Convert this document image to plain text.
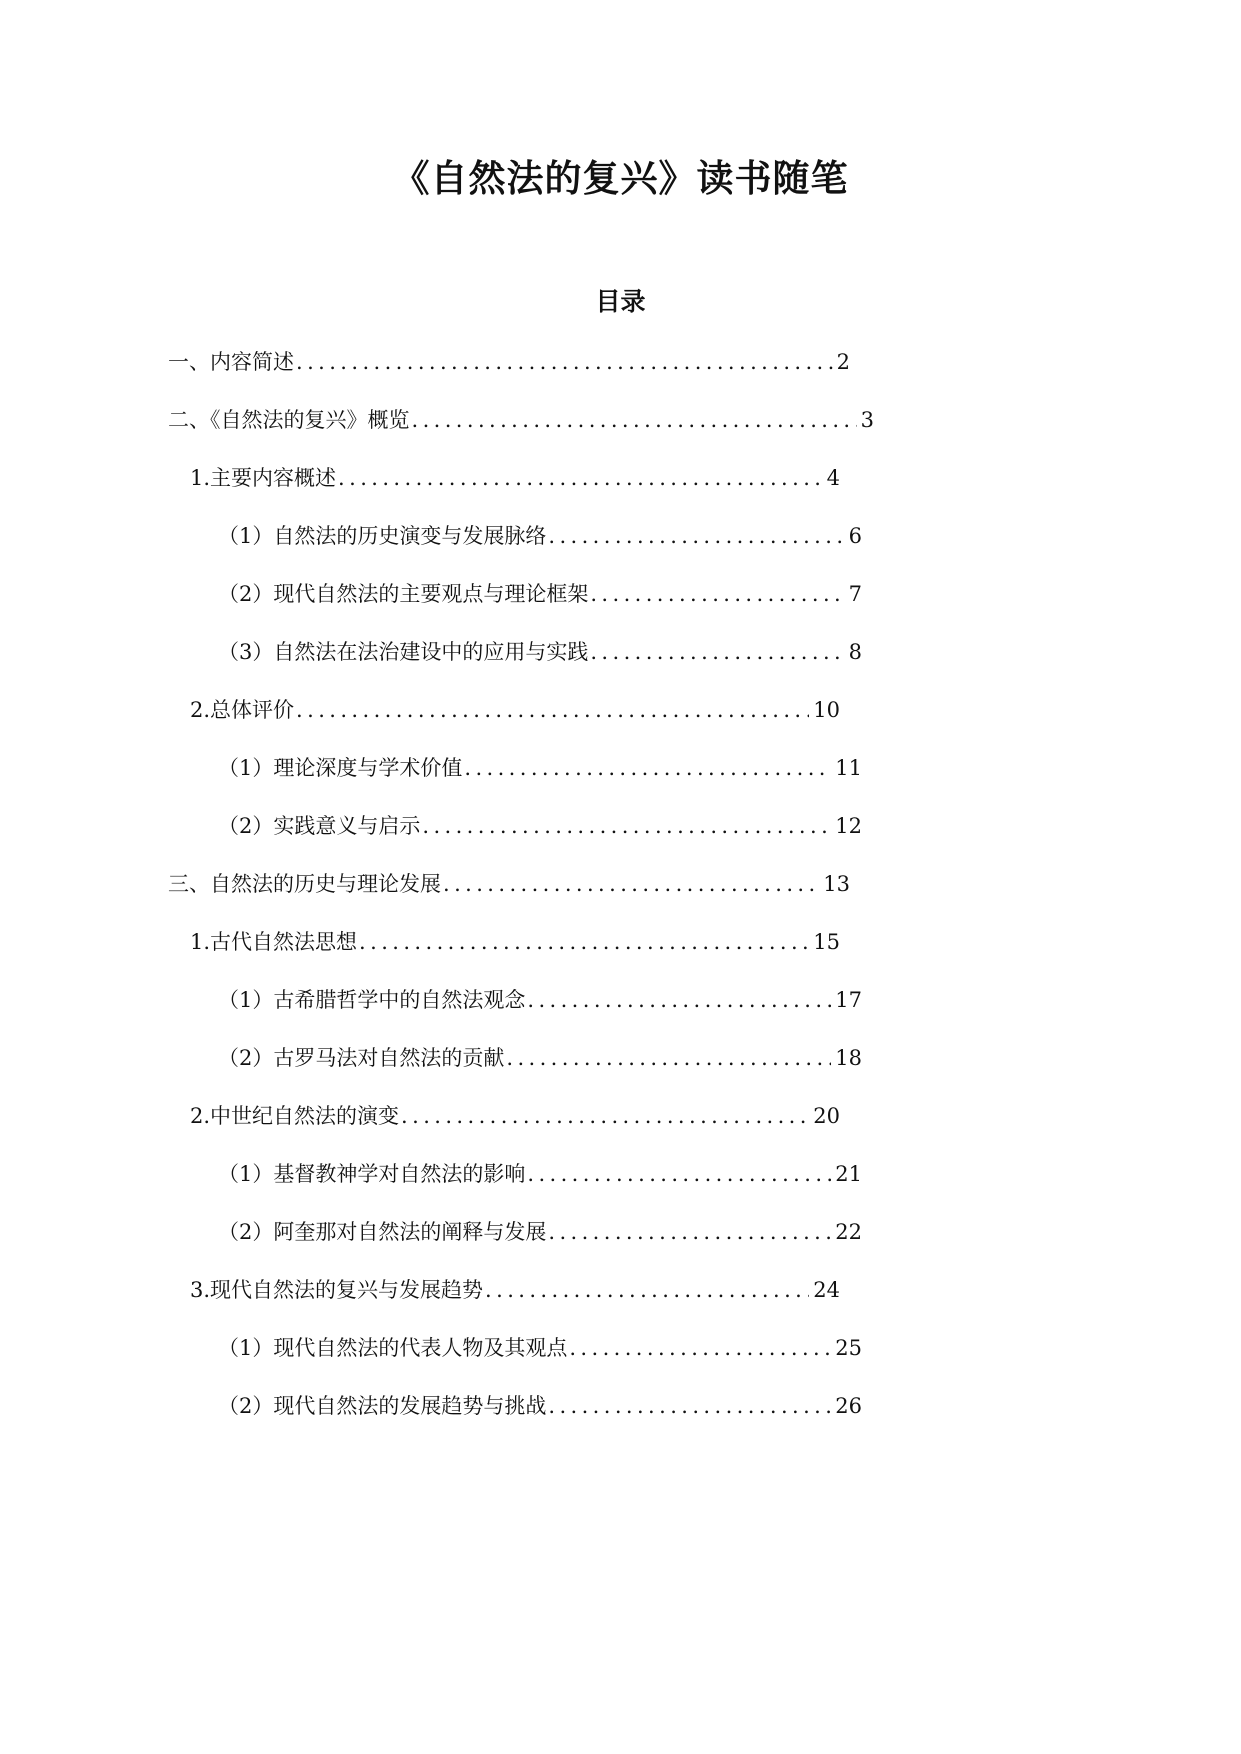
《自然法的复兴》读书随笔
目录
一、内容简述 .....	2
二、《自然法的复兴》概览 .....	3
1. 主要内容概述 .....	4
（1）自然法的历史演变与发展脉络 .....	6
（2）现代自然法的主要观点与理论框架 .....	7
（3）自然法在法治建设中的应用与实践 .....	8
2. 总体评价 .....	10
（1）理论深度与学术价值 .....	11
（2）实践意义与启示 .....	12
三、自然法的历史与理论发展 .....	13
1. 古代自然法思想 .....	15
（1）古希腊哲学中的自然法观念 .....	17
（2）古罗马法对自然法的贡献 .....	18
2. 中世纪自然法的演变 .....	20
（1）基督教神学对自然法的影响 .....	21
（2）阿奎那对自然法的阐释与发展 .....	22
3. 现代自然法的复兴与发展趋势 .....	24
（1）现代自然法的代表人物及其观点 .....	25
（2）现代自然法的发展趋势与挑战 .....	26
